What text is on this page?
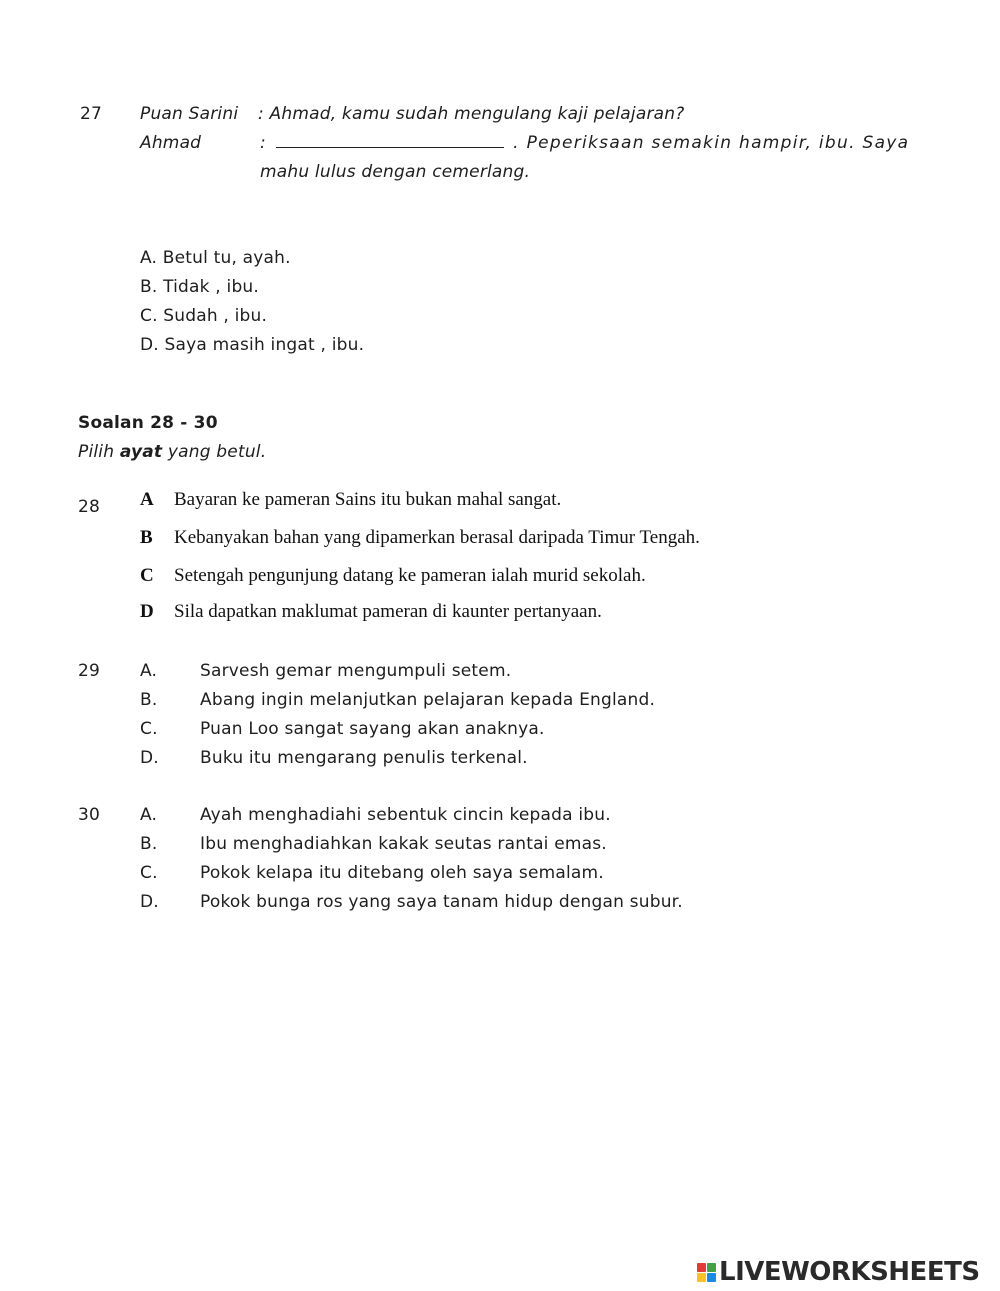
27 Puan Sarini : Ahmad, kamu sudah mengulang kaji pelajaran?
Ahmad	:	. Peperiksaan semakin hampir, ibu. Saya
mahu lulus dengan cemerlang.
A. Betul tu, ayah.
B. Tidak , ibu.
C. Sudah , ibu.
D. Saya masih ingat , ibu.
Soalan 28 - 30
Pilih ayat yang betul.
28 A Bayaran ke pameran Sains itu bukan mahal sangat.
B Kebanyakan bahan yang dipamerkan berasal daripada Timur Tengah.
C Setengah pengunjung datang ke pameran ialah murid sekolah.
D Sila dapatkan maklumat pameran di kaunter pertanyaan.
29 A.	Sarvesh gemar mengumpuli setem.
B.	Abang ingin melanjutkan pelajaran kepada England.
C. Puan Loo sangat sayang akan anaknya.
D. Buku itu mengarang penulis terkenal.
30 A.	Ayah menghadiahi sebentuk cincin kepada ibu.
B.	Ibu menghadiahkan kakak seutas rantai emas.
C. Pokok kelapa itu ditebang oleh saya semalam.
D. Pokok bunga ros yang saya tanam hidup dengan subur.
LIVEWORKSHEETS
